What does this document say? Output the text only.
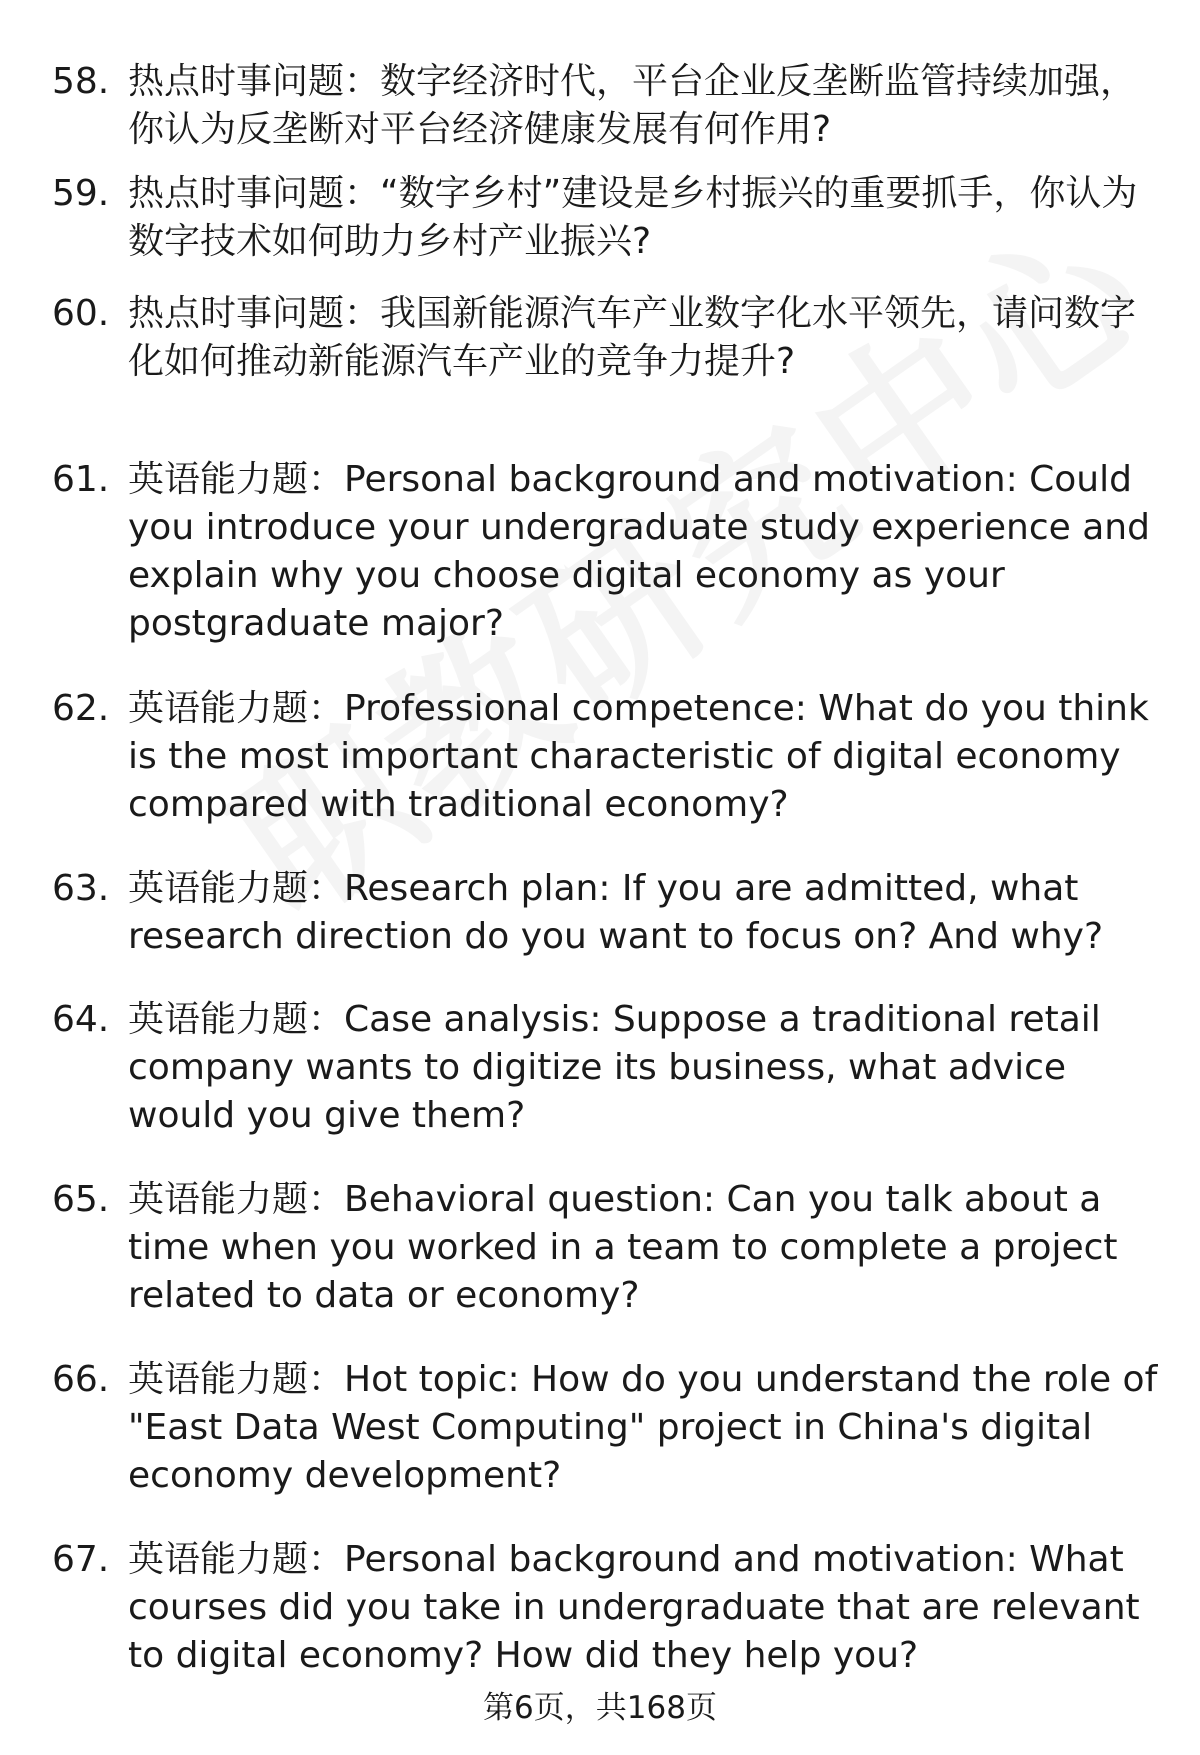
58. 热点时事问题：数字经济时代，平台企业反垄断监管持续加强，你认为反垄断对平台经济健康发展有何作用?
59. 热点时事问题：“数字乡村”建设是乡村振兴的重要抓手，你认为数字技术如何助力乡村产业振兴?
60. 热点时事问题：我国新能源汽车产业数字化水平领先，请问数字化如何推动新能源汽车产业的竞争力提升?
61. 英语能力题：Personal background and motivation: Could you introduce your undergraduate study experience and explain why you choose digital economy as your postgraduate major?
62. 英语能力题：Professional competence: What do you think is the most important characteristic of digital economy compared with traditional economy?
63. 英语能力题：Research plan: If you are admitted, what research direction do you want to focus on? And why?
64. 英语能力题：Case analysis: Suppose a traditional retail company wants to digitize its business, what advice would you give them?
65. 英语能力题：Behavioral question: Can you talk about a time when you worked in a team to complete a project related to data or economy?
66. 英语能力题：Hot topic: How do you understand the role of "East Data West Computing" project in China's digital economy development?
67. 英语能力题：Personal background and motivation: What courses did you take in undergraduate that are relevant to digital economy? How did they help you?
第6页，共168页
